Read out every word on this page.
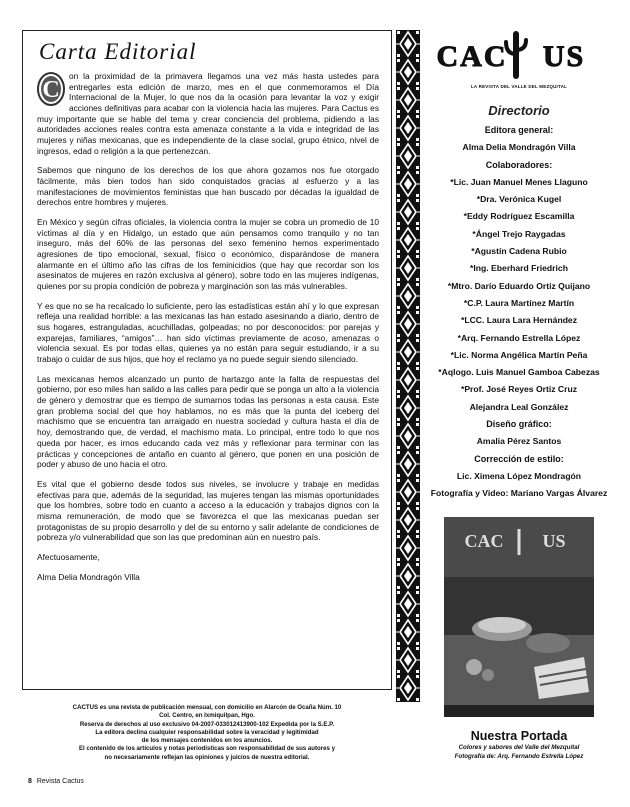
Carta Editorial

C
on la proximidad de la primavera llegamos una vez más hasta ustedes para entregarles esta edición de marzo, mes en el que conmemoramos el Día Internacional de la Mujer, lo que nos da la ocasión para levantar la voz y exigir acciones definitivas para acabar con la violencia hacia las mujeres. Para Cactus es muy importante que se hable del tema y crear conciencia del problema, pidiendo a las autoridades acciones reales contra esta amenaza constante a la vida e integridad de las mujeres y niñas mexicanas, que es independiente de la clase social, grupo étnico, nivel de ingresos, edad o religión a la que pertenezcan.

Sabemos que ninguno de los derechos de los que ahora gozamos nos fue otorgado fácilmente, más bien todos han sido conquistados gracias al esfuerzo y a las manifestaciones de movimientos feministas que han buscado por décadas la igualdad de derechos entre hombres y mujeres.

En México y según cifras oficiales, la violencia contra la mujer se cobra un promedio de 10 víctimas al día y en Hidalgo, un estado que aún pensamos como tranquilo y no tan inseguro, más del 60% de las personas del sexo femenino hemos experimentado agresiones de tipo emocional, sexual, físico o económico, disparándose de manera alarmante en el último año las cifras de los feminicidios (que hay que recordar son los asesinatos de mujeres en razón exclusiva al género), sobre todo en las mujeres indígenas, quienes por su propia condición de pobreza y marginación son las más vulnerables.

Y es que no se ha recalcado lo suficiente, pero las estadísticas están ahí y lo que expresan refleja una realidad horrible: a las mexicanas las han estado asesinando a diario, dentro de sus hogares, estranguladas, acuchilladas, golpeadas; no por desconocidos: por parejas y exparejas, familiares, “amigos”… han sido víctimas previamente de acoso, amenazas o violencia sexual. Es por todas ellas, quienes ya no están para seguir estudiando, ir a su trabajo o cuidar de sus hijos, que hoy el reclamo ya no puede seguir siendo silenciado.

Las mexicanas hemos alcanzado un punto de hartazgo ante la falta de respuestas del gobierno, por eso miles han salido a las calles para pedir que se ponga un alto a la violencia de género y demostrar que es tiempo de sumarnos todas las personas a esta causa. Este gran problema social del que hoy hablamos, no es más que la punta del iceberg del machismo que se encuentra tan arraigado en nuestra sociedad y cultura hasta el día de hoy, demostrando que, de verdad, el machismo mata. Lo principal, entre todo lo que nos queda por hacer, es irnos educando cada vez más y reflexionar para terminar con las prácticas y concepciones de antaño en cuanto al género, que ponen en una posición de poder y abuso de uno hacia el otro.

Es vital que el gobierno desde todos sus niveles, se involucre y trabaje en medidas efectivas para que, además de la seguridad, las mujeres tengan las mismas oportunidades que los hombres, sobre todo en cuanto a acceso a la educación y trabajos dignos con la misma remuneración, de modo que se favorezca el que las mexicanas puedan ser protagonistas de su propio desarrollo y del de su entorno y salir adelante de condiciones de pobreza y/o vulnerabilidad que son las que predominan aún en nuestro país.

Afectuosamente,

Alma Delia Mondragón Villa

CAC US
LA REVISTA DEL VALLE DEL MEZQUITAL
Directorio
Editora general:
Alma Delia Mondragón Villa
Colaboradores:
*Lic. Juan Manuel Menes Llaguno
*Dra. Verónica Kugel
*Eddy Rodríguez Escamilla
*Ángel Trejo Raygadas
*Agustín Cadena Rubio
*Ing. Eberhard Friedrich
*Mtro. Darío Eduardo Ortiz Quijano
*C.P. Laura Martínez Martín
*LCC. Laura Lara Hernández
*Arq. Fernando Estrella López
*Lic. Norma Angélica Martín Peña
*Aqlogo. Luis Manuel Gamboa Cabezas
*Prof. José Reyes Ortiz Cruz
Alejandra Leal González
Diseño gráfico:
Amalia Pérez Santos
Corrección de estilo:
Lic. Ximena López Mondragón
Fotografía y Video: Mariano Vargas Álvarez
CAC US
Nuestra Portada
Colores y sabores del Valle del Mezquital
Fotografía de: Arq. Fernando Estrella López
CACTUS es una revista de publicación mensual, con domicilio en Alarcón de Ocaña Núm. 10
Col. Centro, en Ixmiquilpan, Hgo.
Reserva de derechos al uso exclusivo 04-2007-033012413900-102 Expedida por la S.E.P.
La editora declina cualquier responsabilidad sobre la veracidad y legitimidad
de los mensajes contenidos en los anuncios.
El contenido de los artículos y notas periodísticas son responsabilidad de sus autores y
no necesariamente reflejan las opiniones y juicios de nuestra editorial.
8 Revista Cactus
